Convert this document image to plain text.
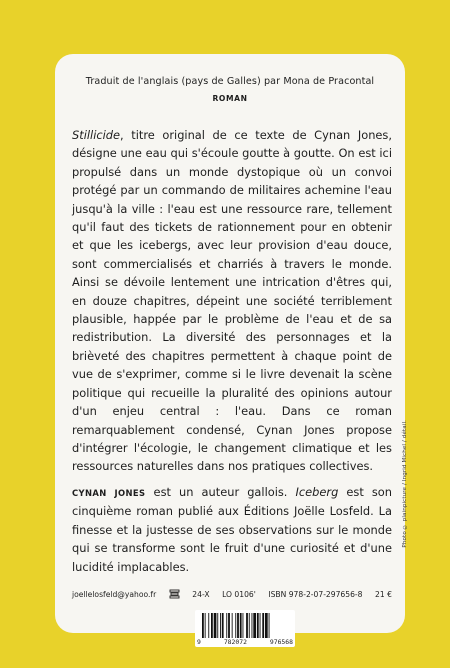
Traduit de l'anglais (pays de Galles) par Mona de Pracontal
ROMAN
Stillicide, titre original de ce texte de Cynan Jones, désigne une eau qui s'écoule goutte à goutte. On est ici propulsé dans un monde dystopique où un convoi protégé par un commando de militaires achemine l'eau jusqu'à la ville : l'eau est une ressource rare, tellement qu'il faut des tickets de rationnement pour en obtenir et que les icebergs, avec leur provision d'eau douce, sont commercialisés et charriés à travers le monde. Ainsi se dévoile lentement une intrication d'êtres qui, en douze chapitres, dépeint une société terriblement plausible, happée par le problème de l'eau et de sa redistribution. La diversité des personnages et la brièveté des chapitres permettent à chaque point de vue de s'exprimer, comme si le livre devenait la scène politique qui recueille la pluralité des opinions autour d'un enjeu central : l'eau. Dans ce roman remarquablement condensé, Cynan Jones propose d'intégrer l'écologie, le changement climatique et les ressources naturelles dans nos pratiques collectives.
CYNAN JONES est un auteur gallois. Iceberg est son cinquième roman publié aux Éditions Joëlle Losfeld. La finesse et la justesse de ses observations sur le monde qui se transforme sont le fruit d'une curiosité et d'une lucidité implacables.
joellelosfeld@yahoo.fr	24-X LO 0106' ISBN 978-2-07-297656-8 21 €
9	782072	976568
Photo © plainpicture / Ingrid Michel / détail.
